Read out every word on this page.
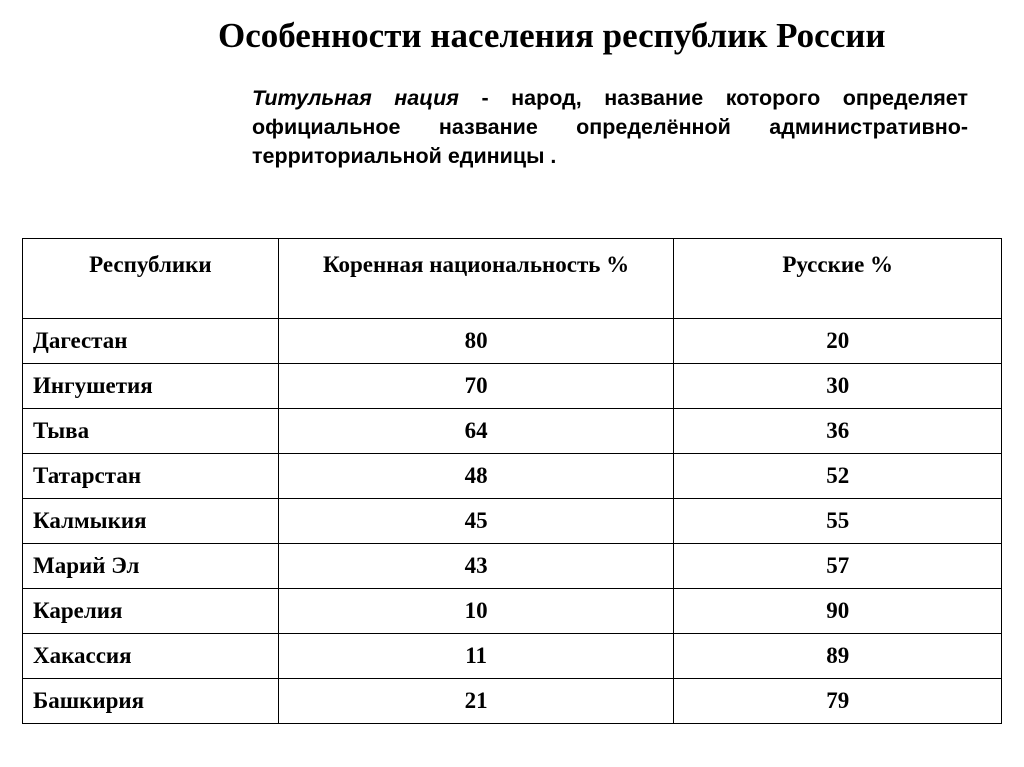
Особенности населения республик России

Титульная нация - народ, название которого определяет официальное название определённой административно-территориальной единицы .

Республики	Коренная национальность %	Русские %
Дагестан	80	20
Ингушетия	70	30
Тыва	64	36
Татарстан	48	52
Калмыкия	45	55
Марий Эл	43	57
Карелия	10	90
Хакассия	11	89
Башкирия	21	79
